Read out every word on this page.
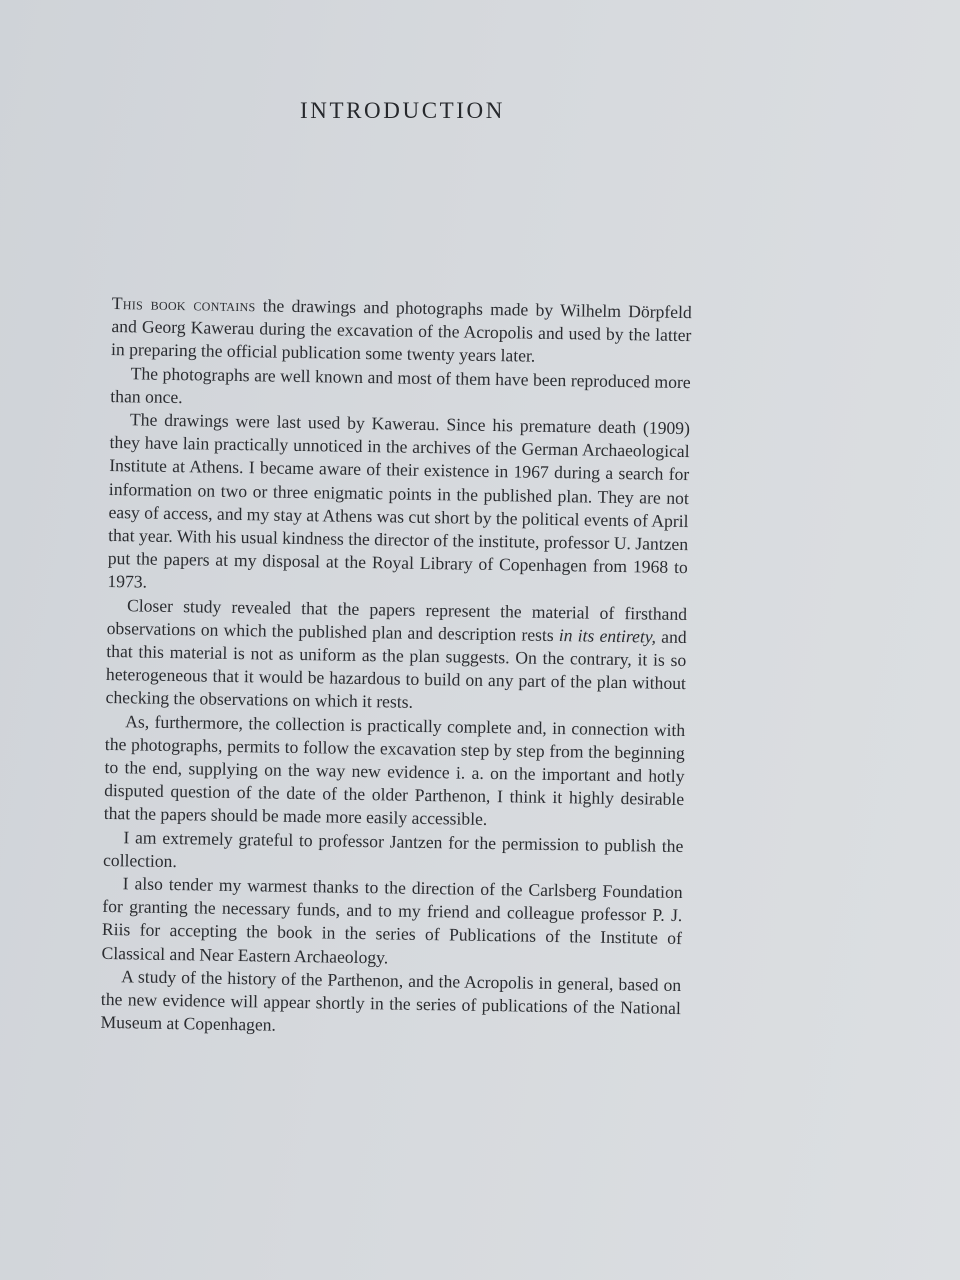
INTRODUCTION

This book contains the drawings and photographs made by Wilhelm Dörpfeld and Georg Kawerau during the excavation of the Acropolis and used by the latter in preparing the official publication some twenty years later.

The photographs are well known and most of them have been reproduced more than once.

The drawings were last used by Kawerau. Since his premature death (1909) they have lain practically unnoticed in the archives of the German Archaeological Institute at Athens. I became aware of their existence in 1967 during a search for information on two or three enigmatic points in the published plan. They are not easy of access, and my stay at Athens was cut short by the political events of April that year. With his usual kindness the director of the institute, professor U. Jantzen put the papers at my disposal at the Royal Library of Copenhagen from 1968 to 1973.

Closer study revealed that the papers represent the material of firsthand observations on which the published plan and description rests in its entirety, and that this material is not as uniform as the plan suggests. On the contrary, it is so heterogeneous that it would be hazardous to build on any part of the plan without checking the observations on which it rests.

As, furthermore, the collection is practically complete and, in connection with the photographs, permits to follow the excavation step by step from the beginning to the end, supplying on the way new evidence i. a. on the important and hotly disputed question of the date of the older Parthenon, I think it highly desirable that the papers should be made more easily accessible.

I am extremely grateful to professor Jantzen for the permission to publish the collection.

I also tender my warmest thanks to the direction of the Carlsberg Foundation for granting the necessary funds, and to my friend and colleague professor P. J. Riis for accepting the book in the series of Publications of the Institute of Classical and Near Eastern Archaeology.

A study of the history of the Parthenon, and the Acropolis in general, based on the new evidence will appear shortly in the series of publications of the National Museum at Copenhagen.
